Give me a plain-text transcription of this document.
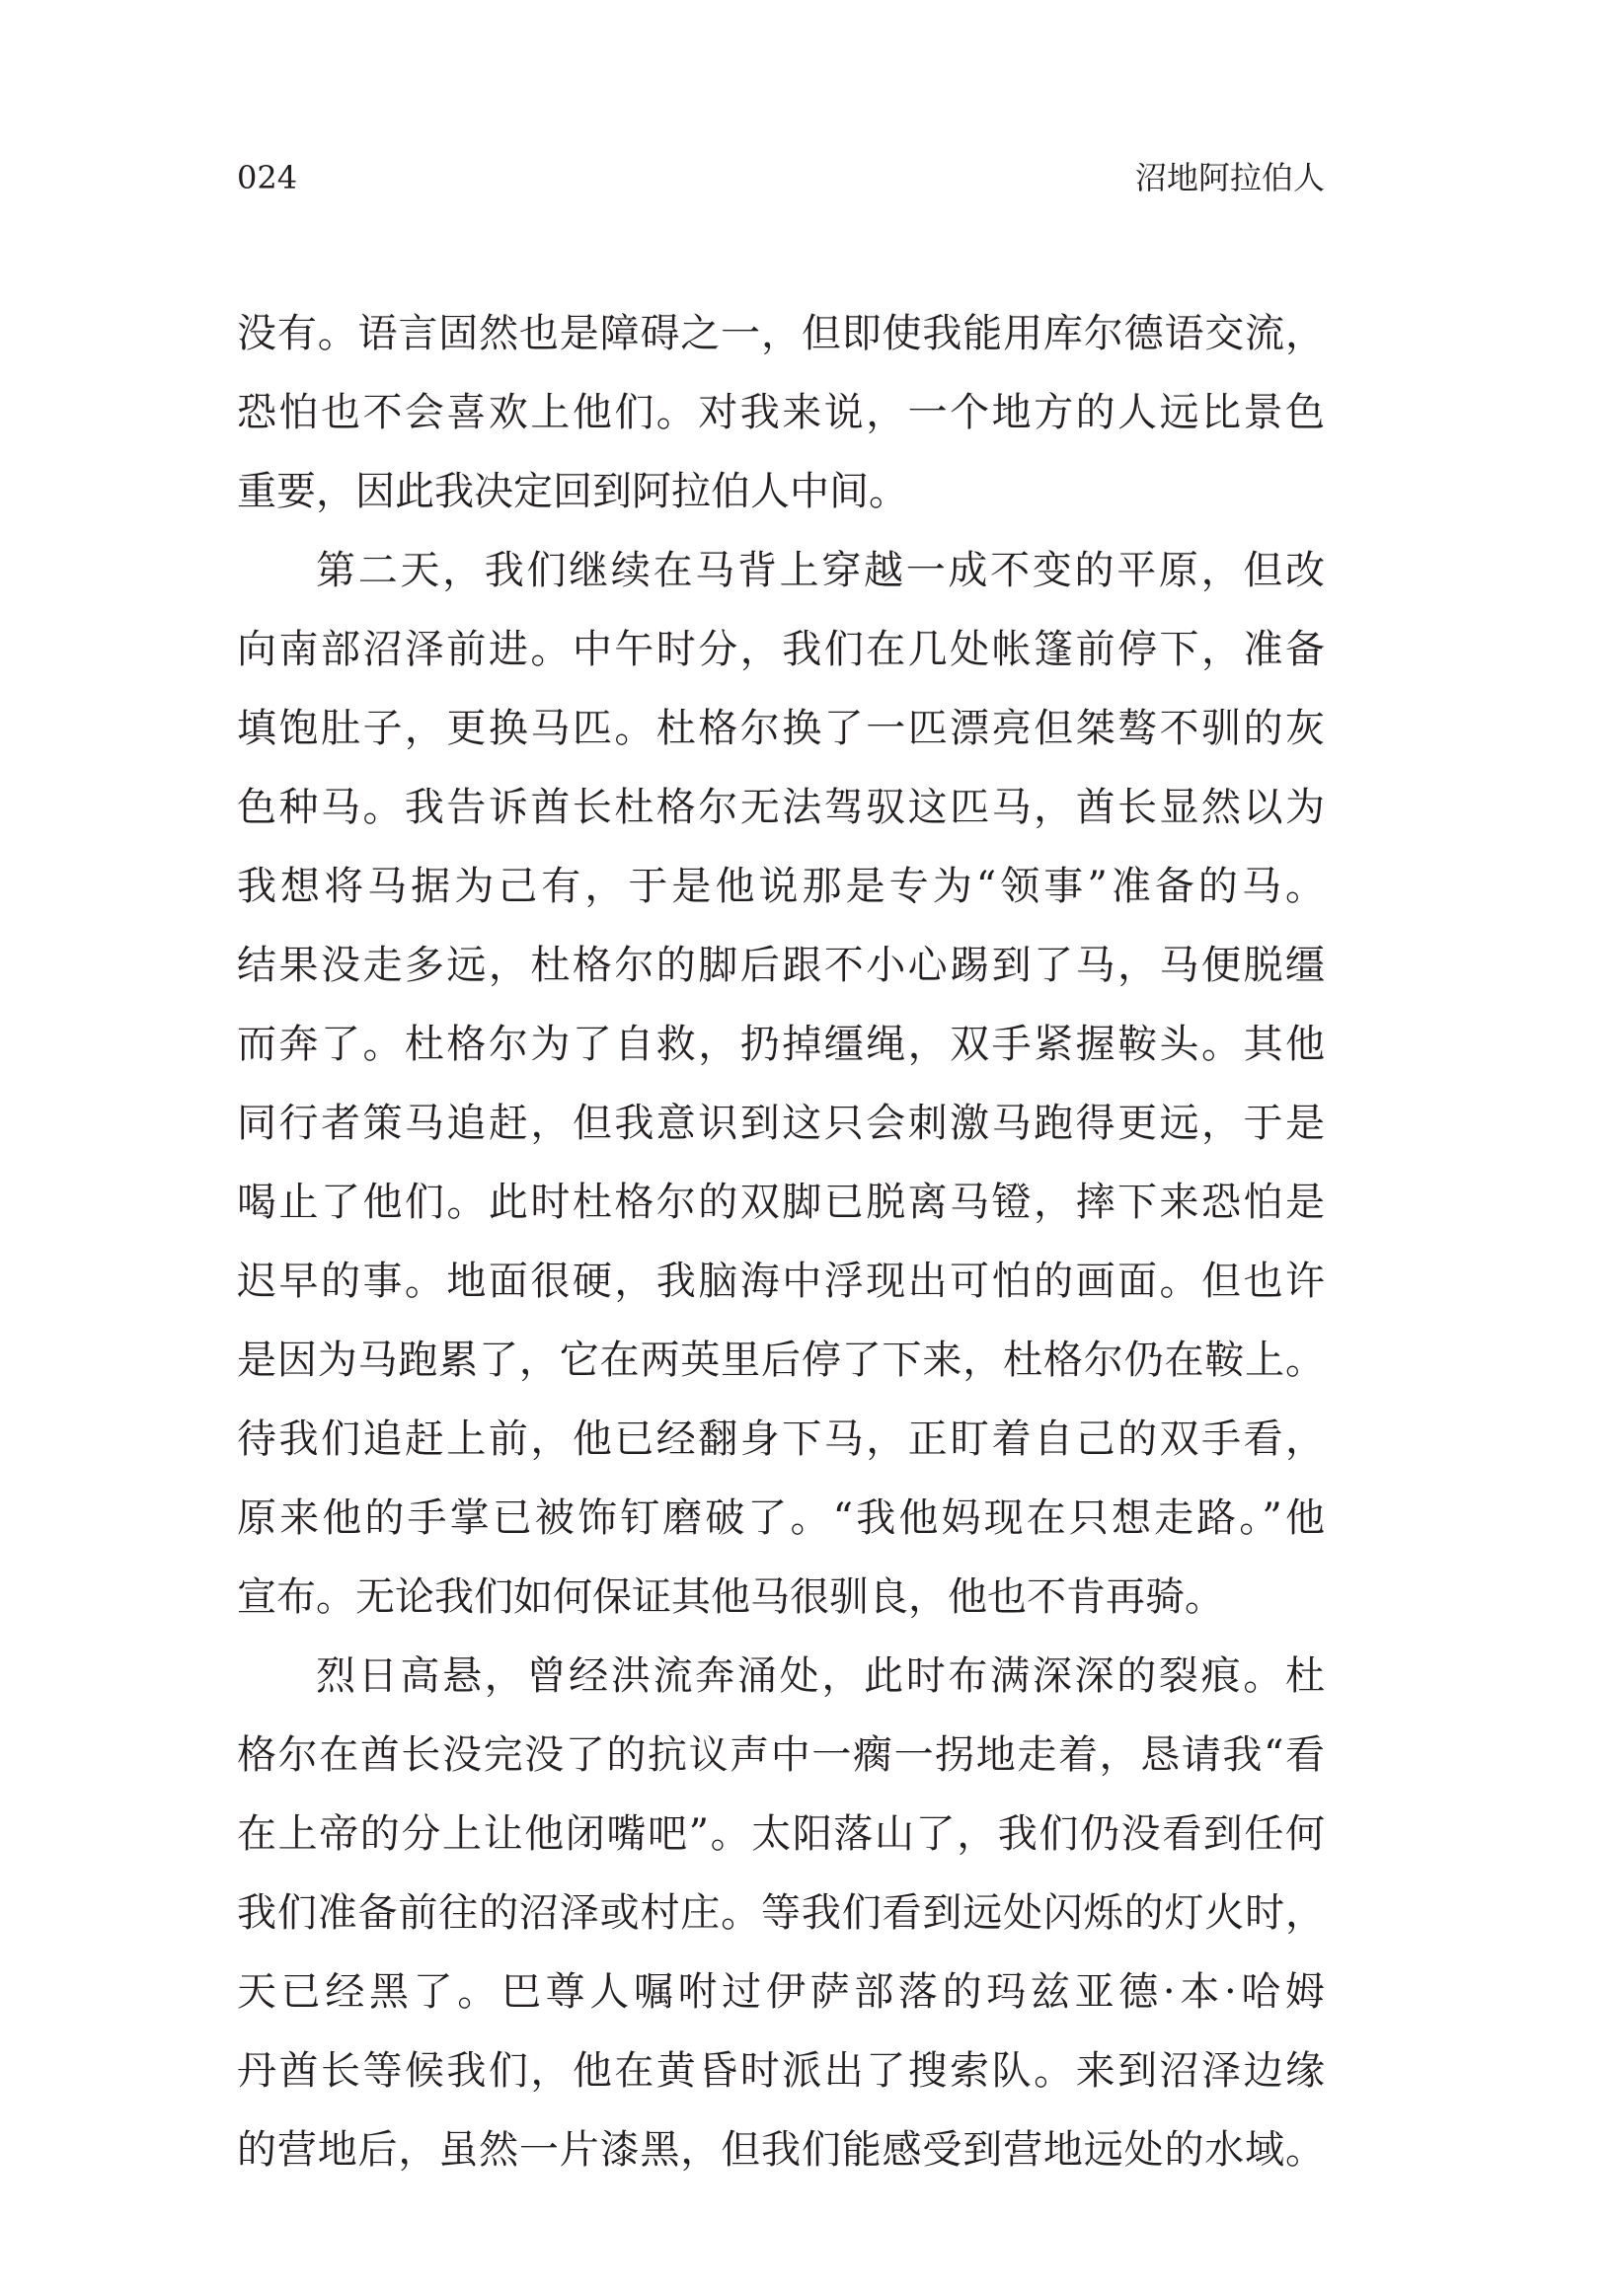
024	沼地阿拉伯人
没有。语言固然也是障碍之一，但即使我能用库尔德语交流，
恐怕也不会喜欢上他们。对我来说，一个地方的人远比景色
重要，因此我决定回到阿拉伯人中间。
第二天，我们继续在马背上穿越一成不变的平原，但改
向南部沼泽前进。中午时分，我们在几处帐篷前停下，准备
填饱肚子，更换马匹。杜格尔换了一匹漂亮但桀骜不驯的灰
色种马。我告诉酋长杜格尔无法驾驭这匹马，酋长显然以为
我想将马据为己有，于是他说那是专为“领事”准备的马。
结果没走多远，杜格尔的脚后跟不小心踢到了马，马便脱缰
而奔了。杜格尔为了自救，扔掉缰绳，双手紧握鞍头。其他
同行者策马追赶，但我意识到这只会刺激马跑得更远，于是
喝止了他们。此时杜格尔的双脚已脱离马镫，摔下来恐怕是
迟早的事。地面很硬，我脑海中浮现出可怕的画面。但也许
是因为马跑累了，它在两英里后停了下来，杜格尔仍在鞍上。
待我们追赶上前，他已经翻身下马，正盯着自己的双手看，
原来他的手掌已被饰钉磨破了。“我他妈现在只想走路。”他
宣布。无论我们如何保证其他马很驯良，他也不肯再骑。
烈日高悬，曾经洪流奔涌处，此时布满深深的裂痕。杜
格尔在酋长没完没了的抗议声中一瘸一拐地走着，恳请我“看
在上帝的分上让他闭嘴吧”。太阳落山了，我们仍没看到任何
我们准备前往的沼泽或村庄。等我们看到远处闪烁的灯火时，
天已经黑了。巴尊人嘱咐过伊萨部落的玛兹亚德·本·哈姆
丹酋长等候我们，他在黄昏时派出了搜索队。来到沼泽边缘
的营地后，虽然一片漆黑，但我们能感受到营地远处的水域。
